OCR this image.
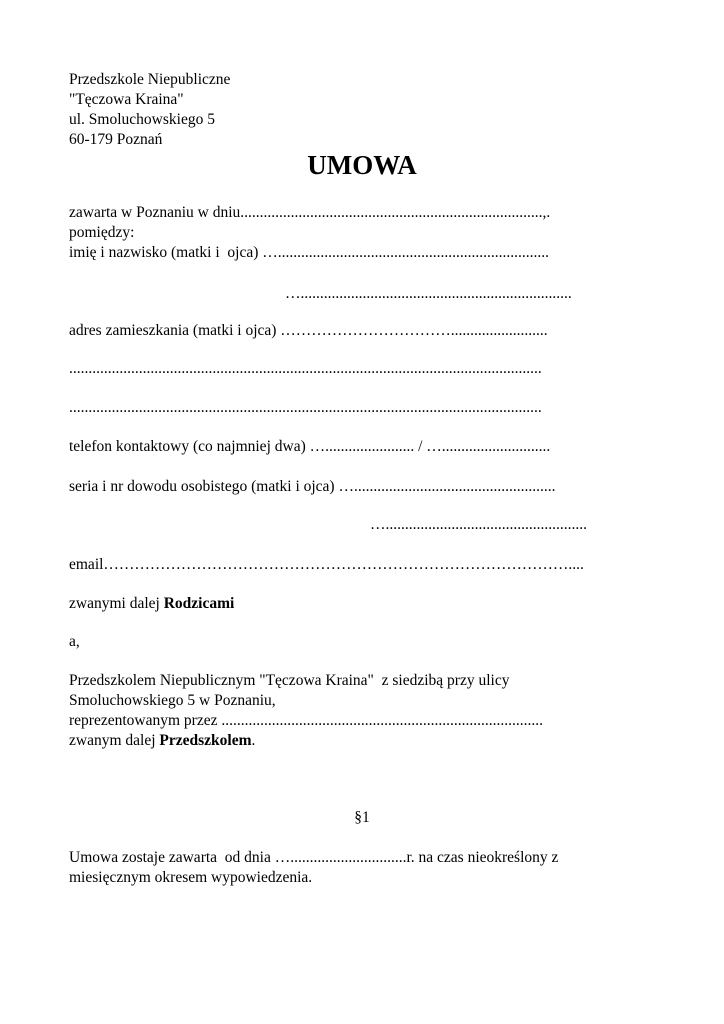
Przedszkole Niepubliczne

"Tęczowa Kraina"

ul. Smoluchowskiego 5

60-179 Poznań

UMOWA

zawarta w Poznaniu w dniu..............................................................................,.

pomiędzy:

imię i nazwisko (matki i  ojca) …......................................................................

…......................................................................

adres zamieszkania (matki i ojca) …………………………….........................

..........................................................................................................................

..........................................................................................................................

telefon kontaktowy (co najmniej dwa) …....................... / …............................

seria i nr dowodu osobistego (matki i ojca) …....................................................

…....................................................

email………………………………………………………………………………....

zwanymi dalej Rodzicami

a,

Przedszkolem Niepublicznym "Tęczowa Kraina"  z siedzibą przy ulicy

Smoluchowskiego 5 w Poznaniu,

reprezentowanym przez ...................................................................................

zwanym dalej Przedszkolem.

§1

Umowa zostaje zawarta  od dnia …..............................r. na czas nieokreślony z

miesięcznym okresem wypowiedzenia.
